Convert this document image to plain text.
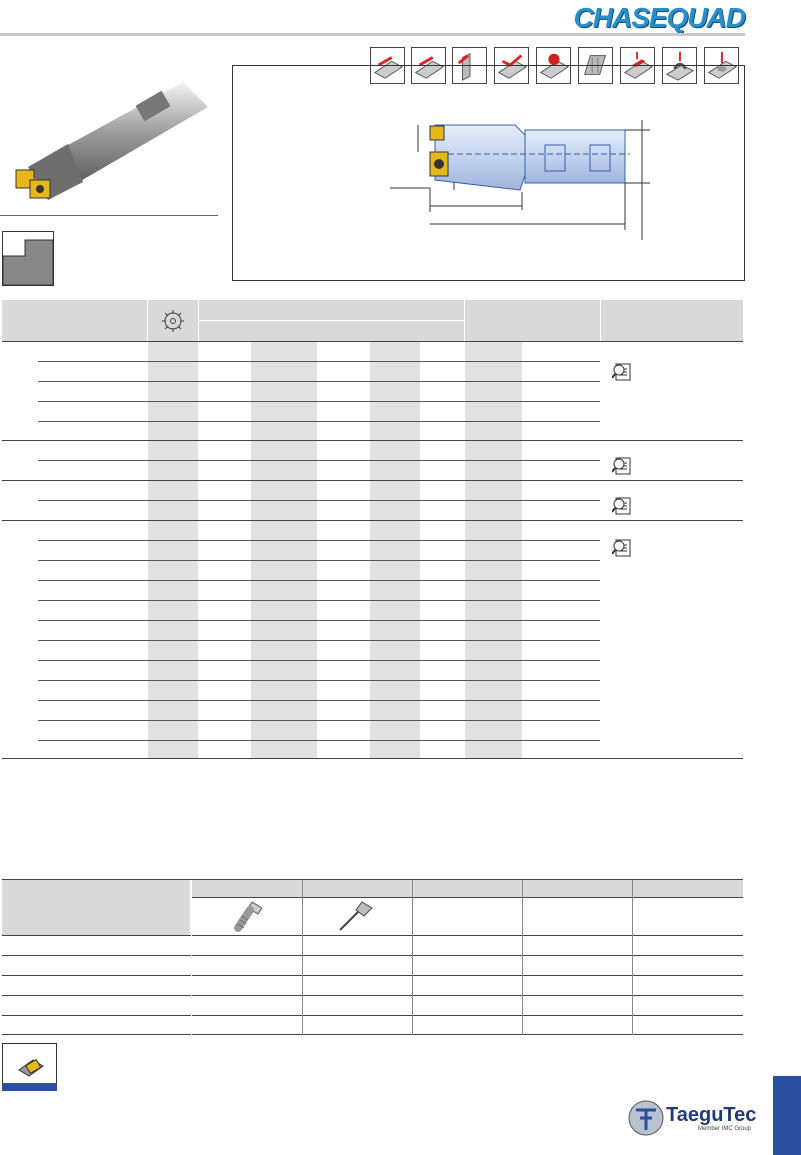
CHASEQUAD
TaeguTec
Member IMC Group
